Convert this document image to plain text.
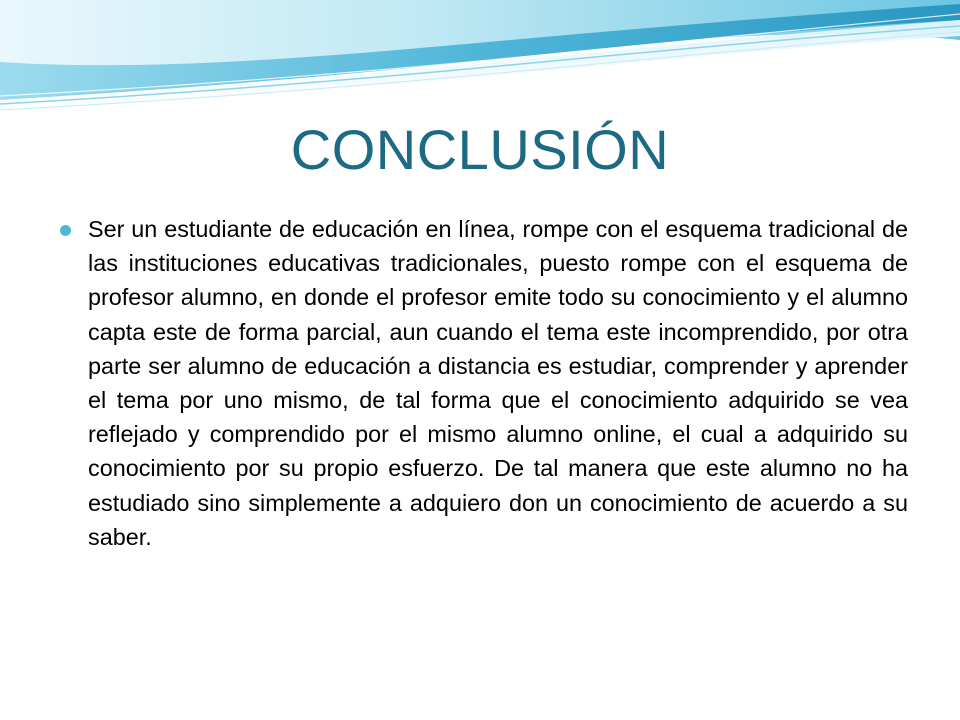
CONCLUSIÓN

Ser un estudiante de educación en línea, rompe con el esquema tradicional de las instituciones educativas tradicionales, puesto rompe con el esquema de profesor alumno, en donde el profesor emite todo su conocimiento y el alumno capta este de forma parcial, aun cuando el tema este incomprendido, por otra parte ser alumno de educación a distancia es estudiar, comprender y aprender el tema por uno mismo, de tal forma que el conocimiento adquirido se vea reflejado y comprendido por el mismo alumno online, el cual a adquirido su conocimiento por su propio esfuerzo. De tal manera que este alumno no ha estudiado sino simplemente a adquiero don un conocimiento de acuerdo a su saber.
